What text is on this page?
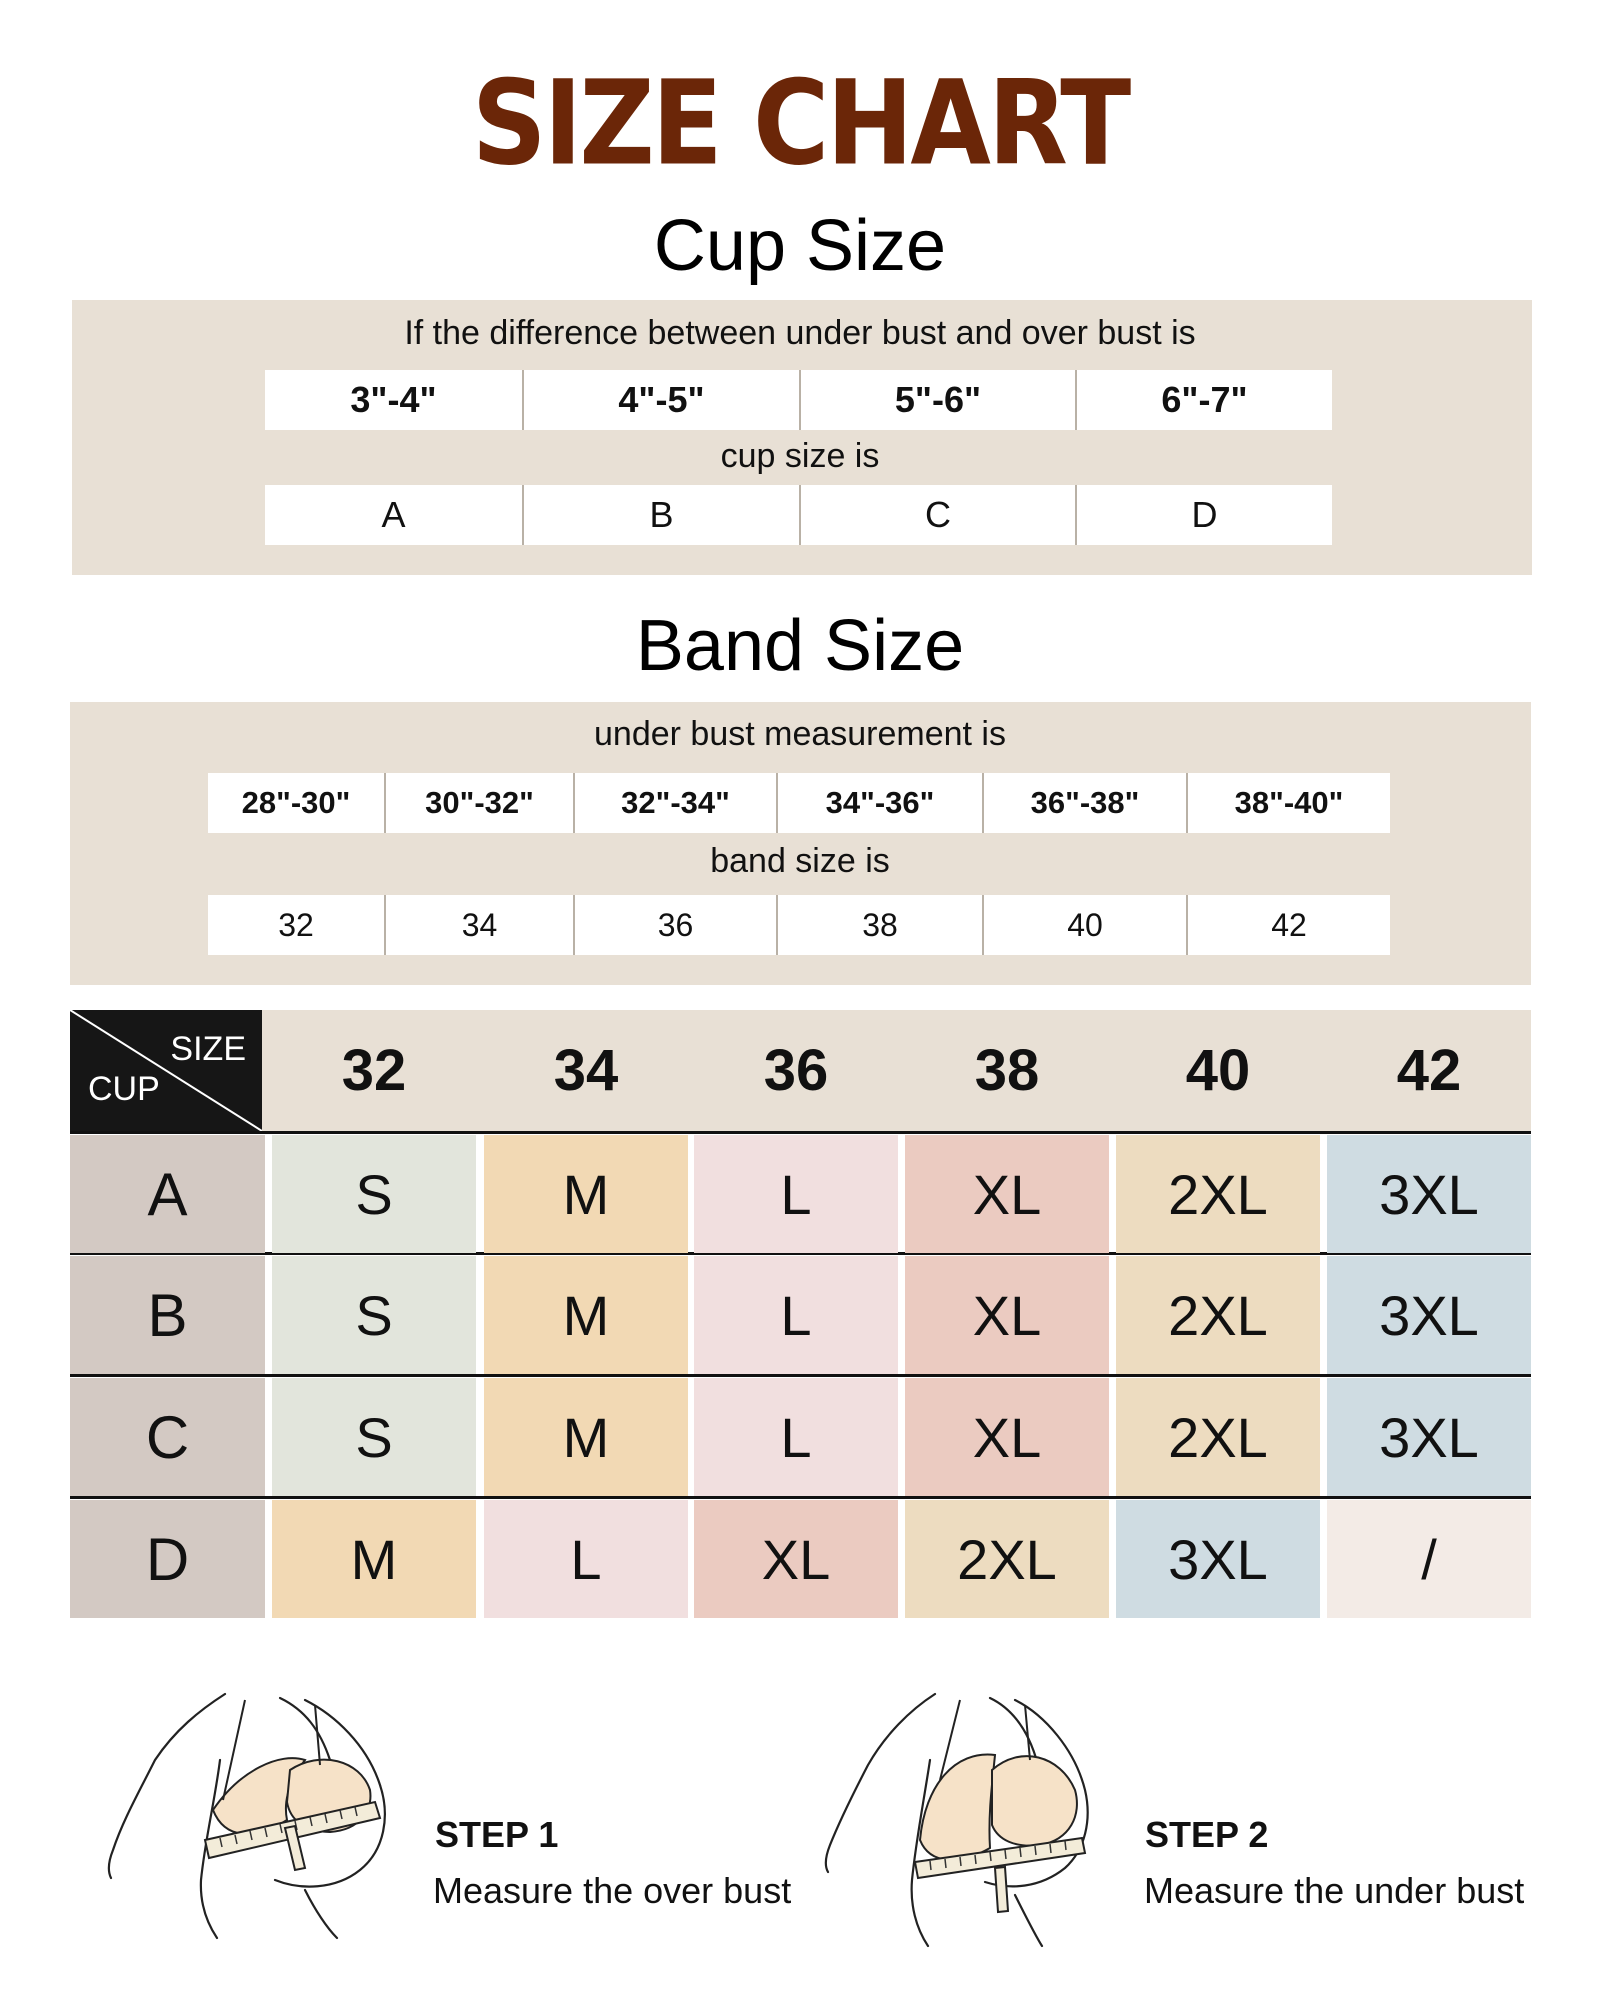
SIZE CHART
Cup Size
If the difference between under bust and over bust is
3"-4"	4"-5"	5"-6"	6"-7"
cup size is
A	B	C	D
Band Size
under bust measurement is
28"-30"	30"-32"	32"-34"	34"-36"	36"-38"	38"-40"
band size is
32	34	36	38	40	42
SIZE
CUP	32	34	36	38	40	42
A	S	M	L	XL	2XL	3XL
B	S	M	L	XL	2XL	3XL
C	S	M	L	XL	2XL	3XL
D	M	L	XL	2XL	3XL	/
STEP 1
Measure the over bust
STEP 2
Measure the under bust
